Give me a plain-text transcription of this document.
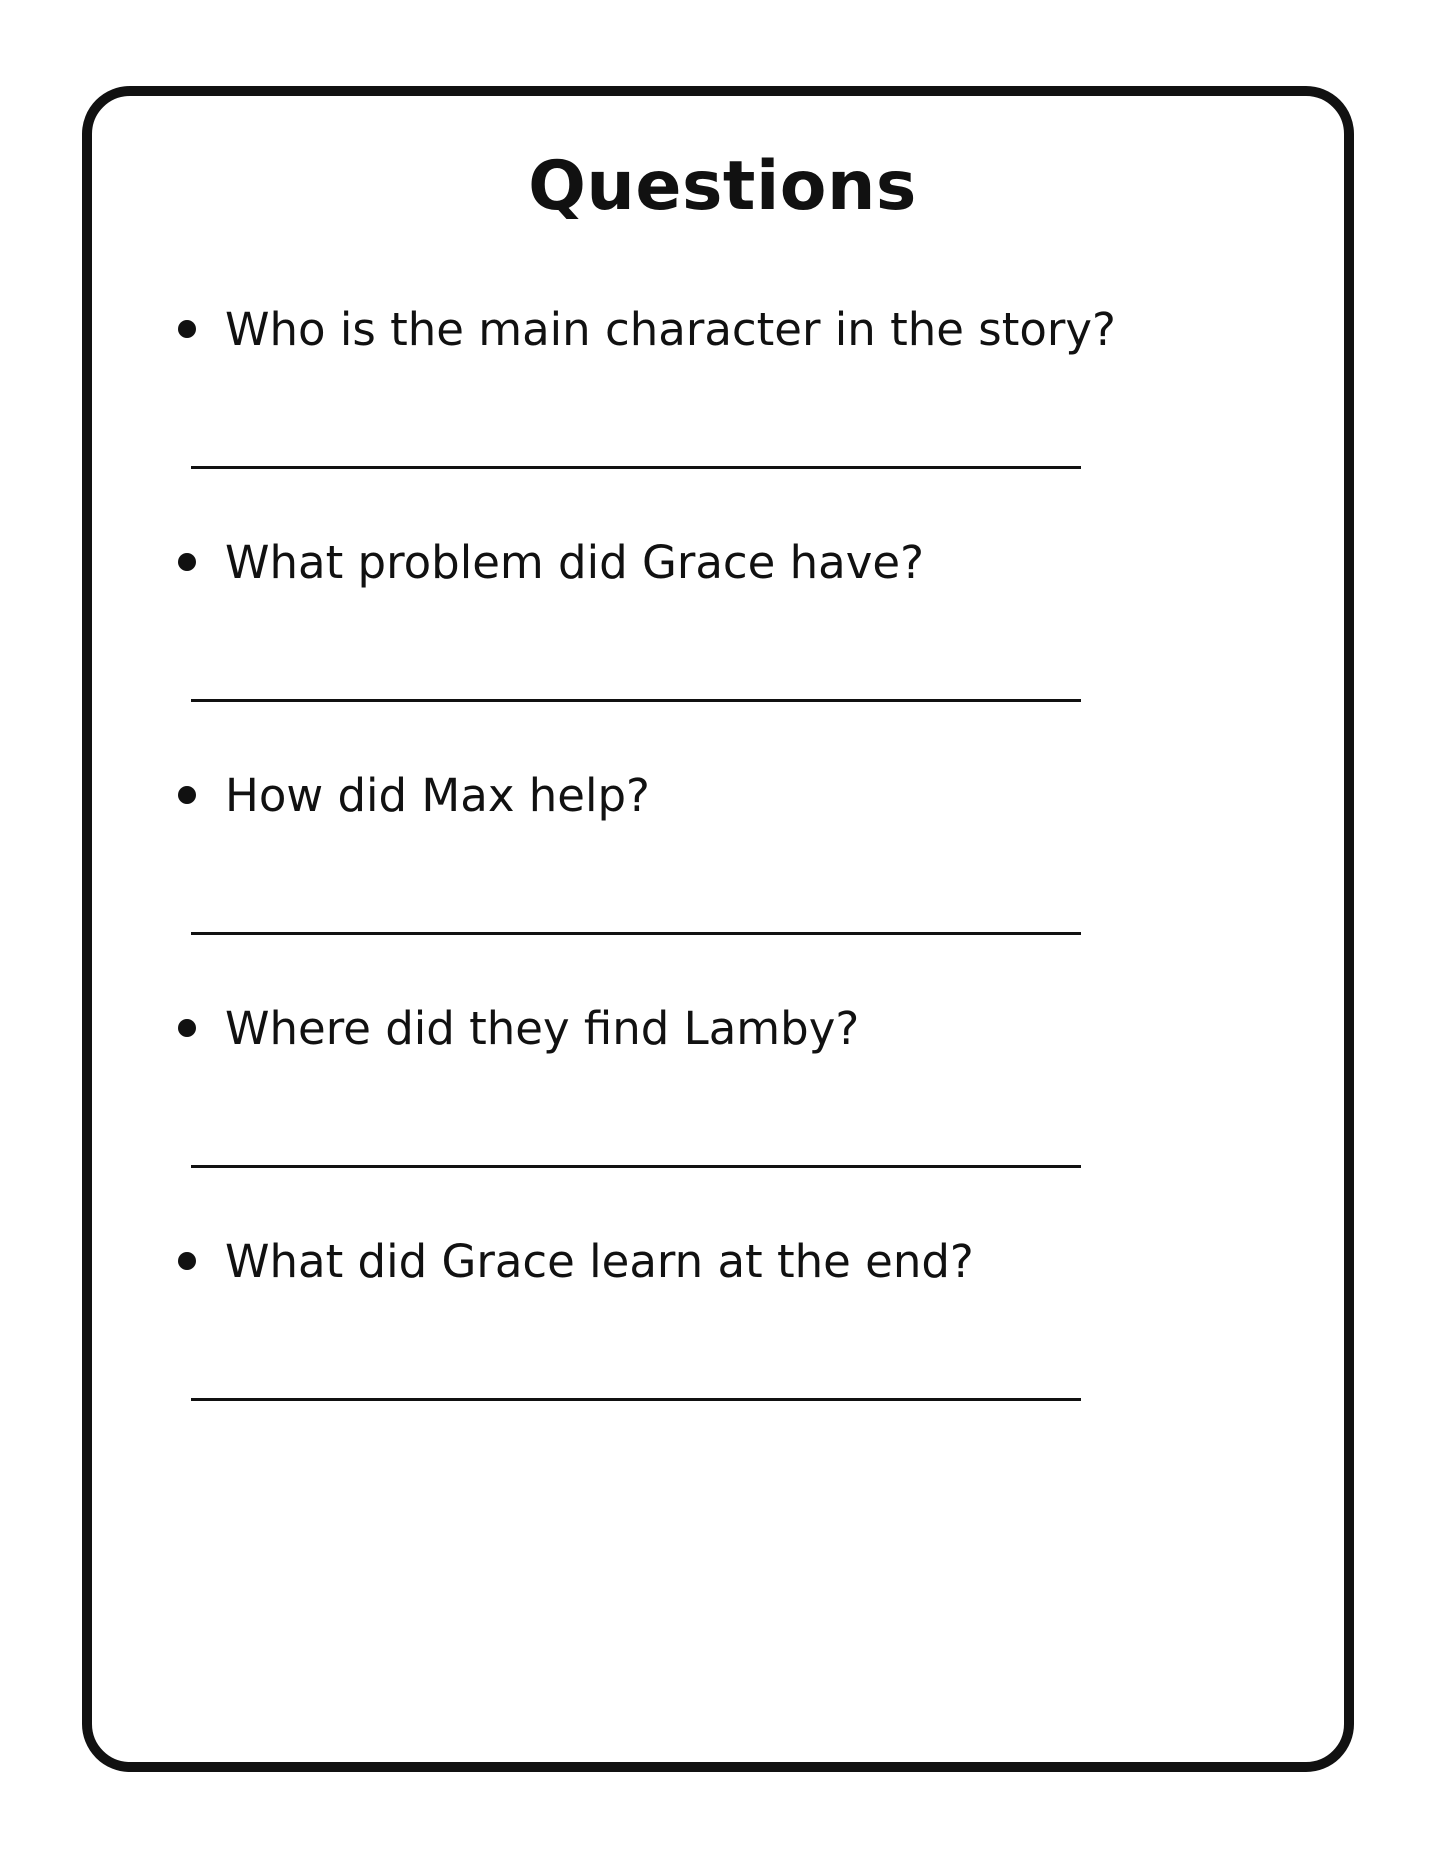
Questions
Who is the main character in the story?
What problem did Grace have?
How did Max help?
Where did they find Lamby?
What did Grace learn at the end?
